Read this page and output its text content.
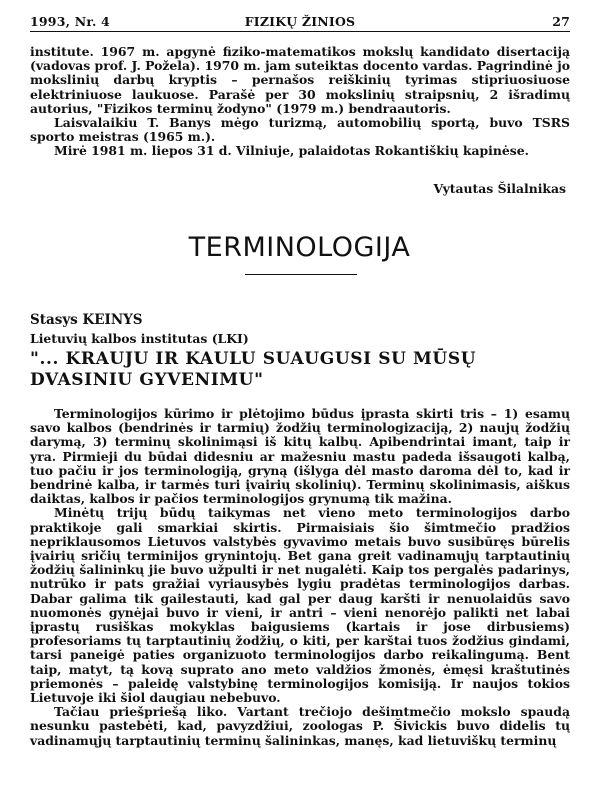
1993, Nr. 4	FIZIKŲ ŽINIOS	27

institute. 1967 m. apgynė fiziko-matematikos mokslų kandidato disertaciją (vadovas prof. J. Požela). 1970 m. jam suteiktas docento vardas. Pagrindinė jo mokslinių darbų kryptis – pernašos reiškinių tyrimas stipriuosiuose elektriniuose laukuose. Parašė per 30 mokslinių straipsnių, 2 išradimų autorius, "Fizikos terminų žodyno" (1979 m.) bendraautoris.

Laisvalaikiu T. Banys mėgo turizmą, automobilių sportą, buvo TSRS sporto meistras (1965 m.).

Mirė 1981 m. liepos 31 d. Vilniuje, palaidotas Rokantiškių kapinėse.

Vytautas Šilalnikas
TERMINOLOGIJA
Stasys KEINYS
Lietuvių kalbos institutas (LKI)
"... KRAUJU IR KAULU SUAUGUSI SU MŪSŲ DVASINIU GYVENIMU"

Terminologijos kūrimo ir plėtojimo būdus įprasta skirti tris – 1) esamų savo kalbos (bendrinės ir tarmių) žodžių terminologizaciją, 2) naujų žodžių darymą, 3) terminų skolinimąsi iš kitų kalbų. Apibendrintai imant, taip ir yra. Pirmieji du būdai didesniu ar mažesniu mastu padeda išsaugoti kalbą, tuo pačiu ir jos terminologiją, gryną (išlyga dėl masto daroma dėl to, kad ir bendrinė kalba, ir tarmės turi įvairių skolinių). Terminų skolinimasis, aiškus daiktas, kalbos ir pačios terminologijos grynumą tik mažina.

Minėtų trijų būdų taikymas net vieno meto terminologijos darbo praktikoje gali smarkiai skirtis. Pirmaisiais šio šimtmečio pradžios nepriklausomos Lietuvos valstybės gyvavimo metais buvo susibūręs būrelis įvairių sričių terminijos grynintojų. Bet gana greit vadinamųjų tarptautinių žodžių šalininkų jie buvo užpulti ir net nugalėti. Kaip tos pergalės padarinys, nutrūko ir pats gražiai vyriausybės lygiu pradėtas terminologijos darbas. Dabar galima tik gailestauti, kad gal per daug karšti ir nenuolaidūs savo nuomonės gynėjai buvo ir vieni, ir antri – vieni nenorėjo palikti net labai įprastų rusiškas mokyklas baigusiems (kartais ir jose dirbusiems) profesoriams tų tarptautinių žodžių, o kiti, per karštai tuos žodžius gindami, tarsi paneigė paties organizuoto terminologijos darbo reikalingumą. Bent taip, matyt, tą kovą suprato ano meto valdžios žmonės, ėmęsi kraštutinės priemonės – paleidę valstybinę terminologijos komisiją. Ir naujos tokios Lietuvoje iki šiol daugiau nebebuvo.

Tačiau priešpriešą liko. Vartant trečiojo dešimtmečio mokslo spaudą nesunku pastebėti, kad, pavyzdžiui, zoologas P. Šivickis buvo didelis tų vadinamųjų tarptautinių terminų šalininkas, manęs, kad lietuviškų terminų
